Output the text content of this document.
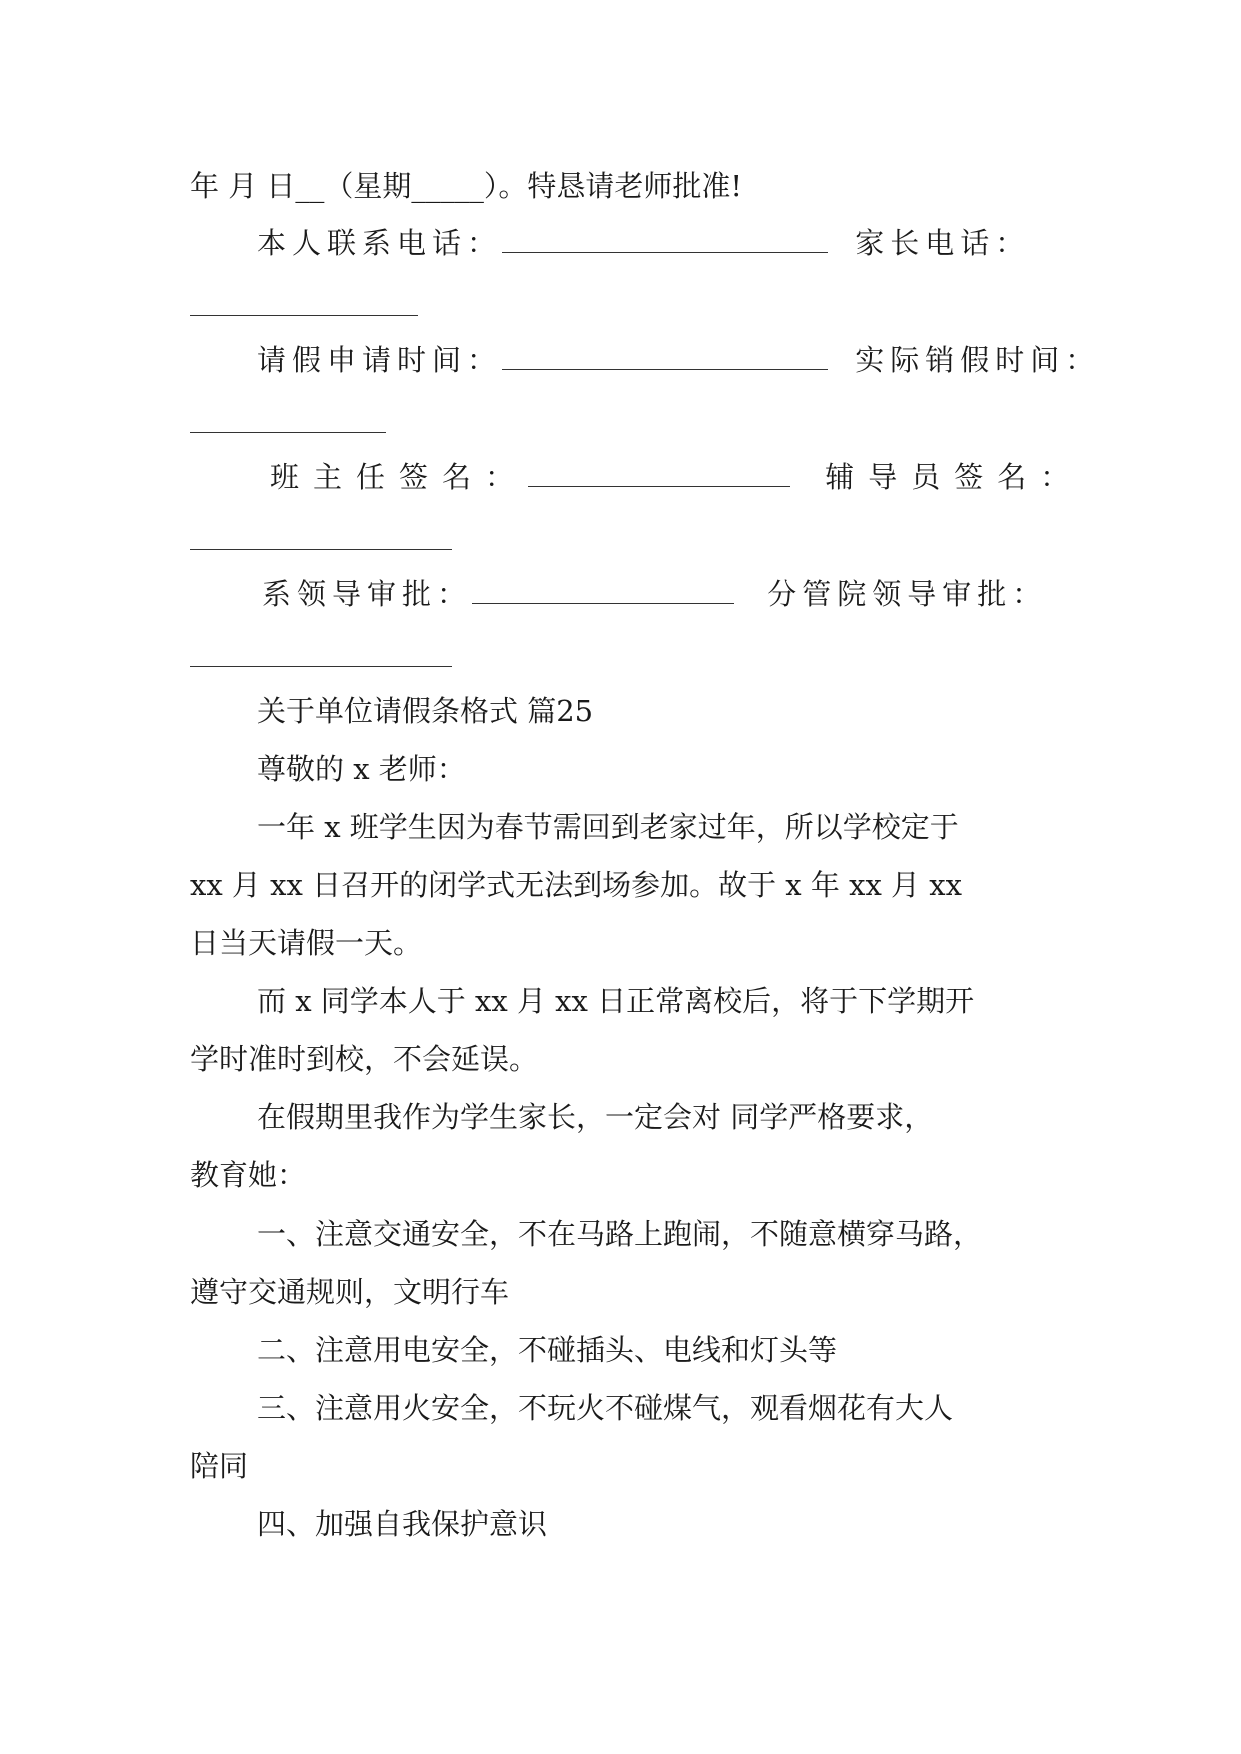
年 月 日__（星期_____）。特恳请老师批准!
本人联系电话：	家长电话：
请假申请时间：	实际销假时间：
班主任签名：	辅导员签名：
系领导审批：	分管院领导审批：
关于单位请假条格式 篇25
尊敬的 x 老师：
一年 x 班学生因为春节需回到老家过年，所以学校定于
xx 月 xx 日召开的闭学式无法到场参加。故于 x 年 xx 月 xx
日当天请假一天。
而 x 同学本人于 xx 月 xx 日正常离校后，将于下学期开
学时准时到校，不会延误。
在假期里我作为学生家长，一定会对 同学严格要求，
教育她：
一、注意交通安全，不在马路上跑闹，不随意横穿马路，
遵守交通规则，文明行车
二、注意用电安全，不碰插头、电线和灯头等
三、注意用火安全，不玩火不碰煤气，观看烟花有大人
陪同
四、加强自我保护意识
